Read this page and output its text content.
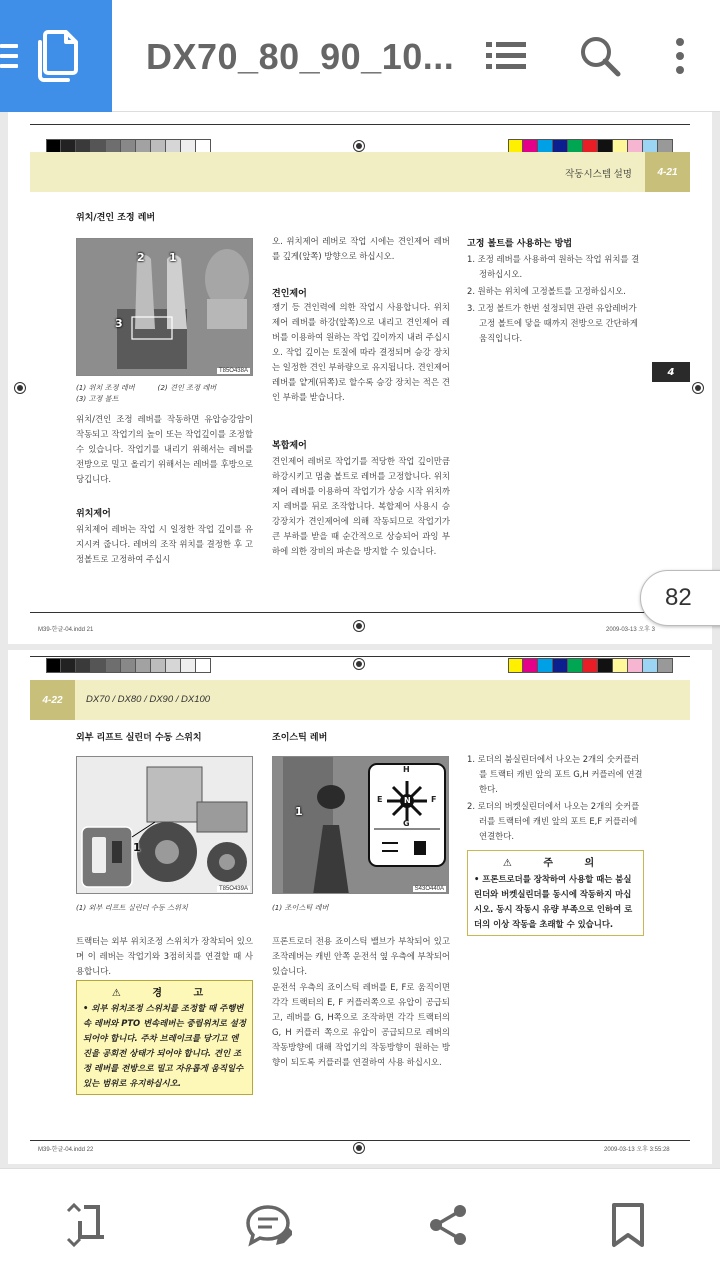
DX70_80_90_10...
작동시스템 설명	4-21
위치/견인 조정 레버
2 1
3
T85O438A
(1) 위치 조정 레버          (2) 견인 조정 레버
(3) 고정 볼트
위치/견인 조정 레버를 작동하면 유압승강암이 작동되고 작업기의 높이 또는 작업깊이를 조정할 수 있습니다. 작업기를 내리기 위해서는 레버를 전방으로 밀고 올리기 위해서는 레버를 후방으로 당깁니다.
위치제어
위치제어 레버는 작업 시 일정한 작업 깊이를 유지시켜 줍니다. 레버의 조작 위치를 결정한 후 고정볼트로 고정하여 주십시
오. 위치제어 레버로 작업 시에는 견인제어 레버를 깊게(앞쪽) 방향으로 하십시오.
견인제어
쟁기 등 견인력에 의한 작업시 사용합니다. 위치제어 레버를 하강(앞쪽)으로 내리고 견인제어 레버를 이용하여 원하는 작업 깊이까지 내려 주십시오. 작업 깊이는 토질에 따라 결정되며 승강 장치는 일정한 견인 부하량으로 유지됩니다. 견인제어 레버를 얕게(뒤쪽)로 할수록 승강 장치는 적은 견인 부하를 받습니다.
복합제어
견인제어 레버로 작업기를 적당한 작업 깊이만큼 하강시키고 멈춤 볼트로 레버를 고정합니다. 위치제어 레버를 이용하여 작업기가 상승 시작 위치까지 레버를 뒤로 조작합니다. 복합제어 사용시 승강장치가 견인제어에 의해 작동되므로 작업기가 큰 부하를 받을 때 순간적으로 상승되어 과잉 부하에 의한 장비의 파손을 방지할 수 있습니다.
고정 볼트를 사용하는 방법
1. 조정 레버를 사용하여 원하는 작업 위치를 결정하십시오.
2. 원하는 위치에 고정볼트를 고정하십시오.
3. 고정 볼트가 한번 설정되면 관련 유압레버가 고정 볼트에 닿을 때까지 전방으로 간단하게 움직입니다.
4
M39-한글-04.indd 21	2009-03-13 오후 3
4-22	DX70 / DX80 / DX90 / DX100
외부 리프트 실린더 수동 스위치
1
T85O439A
(1) 외부 리프트 실린더 수동 스위치
트랙터는 외부 위치조정 스위치가 장착되어 있으며 이 레버는 작업기와 3점히치를 연결할 때 사용합니다.
⚠ 경 고
• 외부 위치조정 스위치를 조정할 때 주행변속 레버와 PTO 변속레버는 중립위치로 설정되어야 합니다. 주차 브레이크를 당기고 엔진을 공회전 상태가 되어야 합니다. 견인 조정 레버를 전방으로 밀고 자유롭게 움직일수 있는 범위로 유지하십시오.
조이스틱 레버
H
E	N	F
G
1
S43O440A
(1) 조이스틱 레버
프론트로더 전용 죠이스틱 밸브가 부착되어 있고 조작레버는 캐빈 안쪽 운전석 옆 우측에 부착되어 있습니다.
운전석 우측의 죠이스틱 레버를 E, F로 움직이면 각각 트랙터의 E, F 커플러쪽으로 유압이 공급되고, 레버를 G, H쪽으로 조작하면 각각 트랙터의 G, H 커플러 쪽으로 유압이 공급되므로 레버의 작동방향에 대해 작업기의 작동방향이 원하는 방향이 되도록 커플러를 연결하여 사용 하십시오.
1. 로더의 붐실린더에서 나오는 2개의 숫커플러를 트랙터 캐빈 앞의 포트 G,H 커플러에 연결한다.
2. 로더의 버켓실린더에서 나오는 2개의 숫커플러를 트랙터에 캐빈 앞의 포트 E,F 커플러에 연결한다.
⚠ 주 의
• 프론트로더를 장착하여 사용할 때는 붐실린더와 버켓실린더를 동시에 작동하지 마십시오. 동시 작동시 유량 부족으로 인하여 로더의 이상 작동을 초래할 수 있습니다.
M39-한글-04.indd 22	2009-03-13 오후 3:55:28
82
